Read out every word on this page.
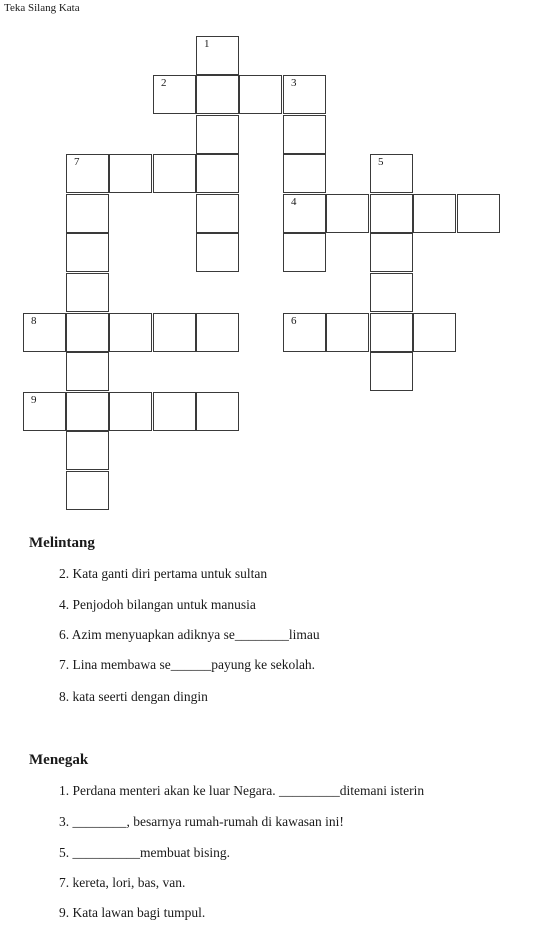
Teka Silang Kata
1
2	3
4
7	5
8	6
9
Melintang
2. Kata ganti diri pertama untuk sultan
4. Penjodoh bilangan untuk manusia
6. Azim menyuapkan adiknya se________limau
7. Lina membawa se______payung ke sekolah.
8. kata seerti dengan dingin
Menegak
1. Perdana menteri akan ke luar Negara. _________ditemani isterin
3. ________, besarnya rumah-rumah di kawasan ini!
5. __________membuat bising.
7. kereta, lori, bas, van.
9. Kata lawan bagi tumpul.
